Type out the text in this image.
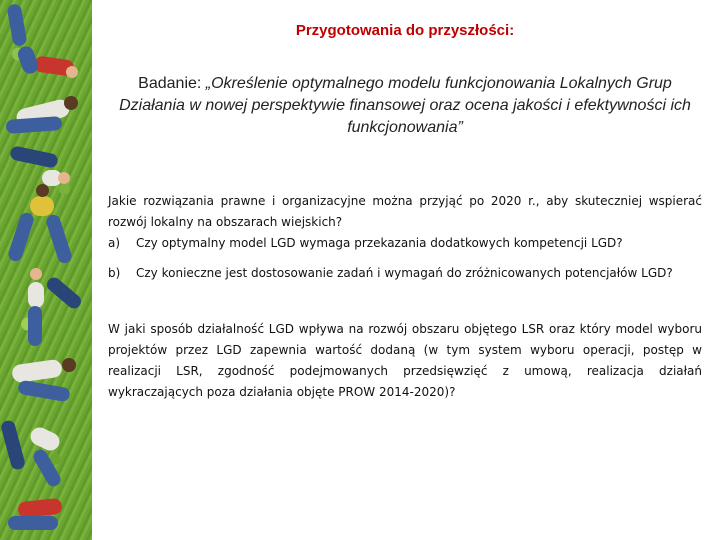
Przygotowania do przyszłości:
Badanie: „Określenie optymalnego modelu funkcjonowania Lokalnych Grup Działania w nowej perspektywie finansowej oraz ocena jakości i efektywności ich funkcjonowania”

Jakie rozwiązania prawne i organizacyjne można przyjąć po 2020 r., aby skuteczniej wspierać rozwój lokalny na obszarach wiejskich?

a)	Czy optymalny model LGD wymaga przekazania dodatkowych kompetencji LGD?
b)	Czy konieczne jest dostosowanie zadań i wymagań do zróżnicowanych potencjałów LGD?

W jaki sposób działalność LGD wpływa na rozwój obszaru objętego LSR oraz który model wyboru projektów przez LGD zapewnia wartość dodaną (w tym system wyboru operacji, postęp w realizacji LSR, zgodność podejmowanych przedsięwzięć z umową, realizacja działań wykraczających poza działania objęte PROW 2014-2020)?
